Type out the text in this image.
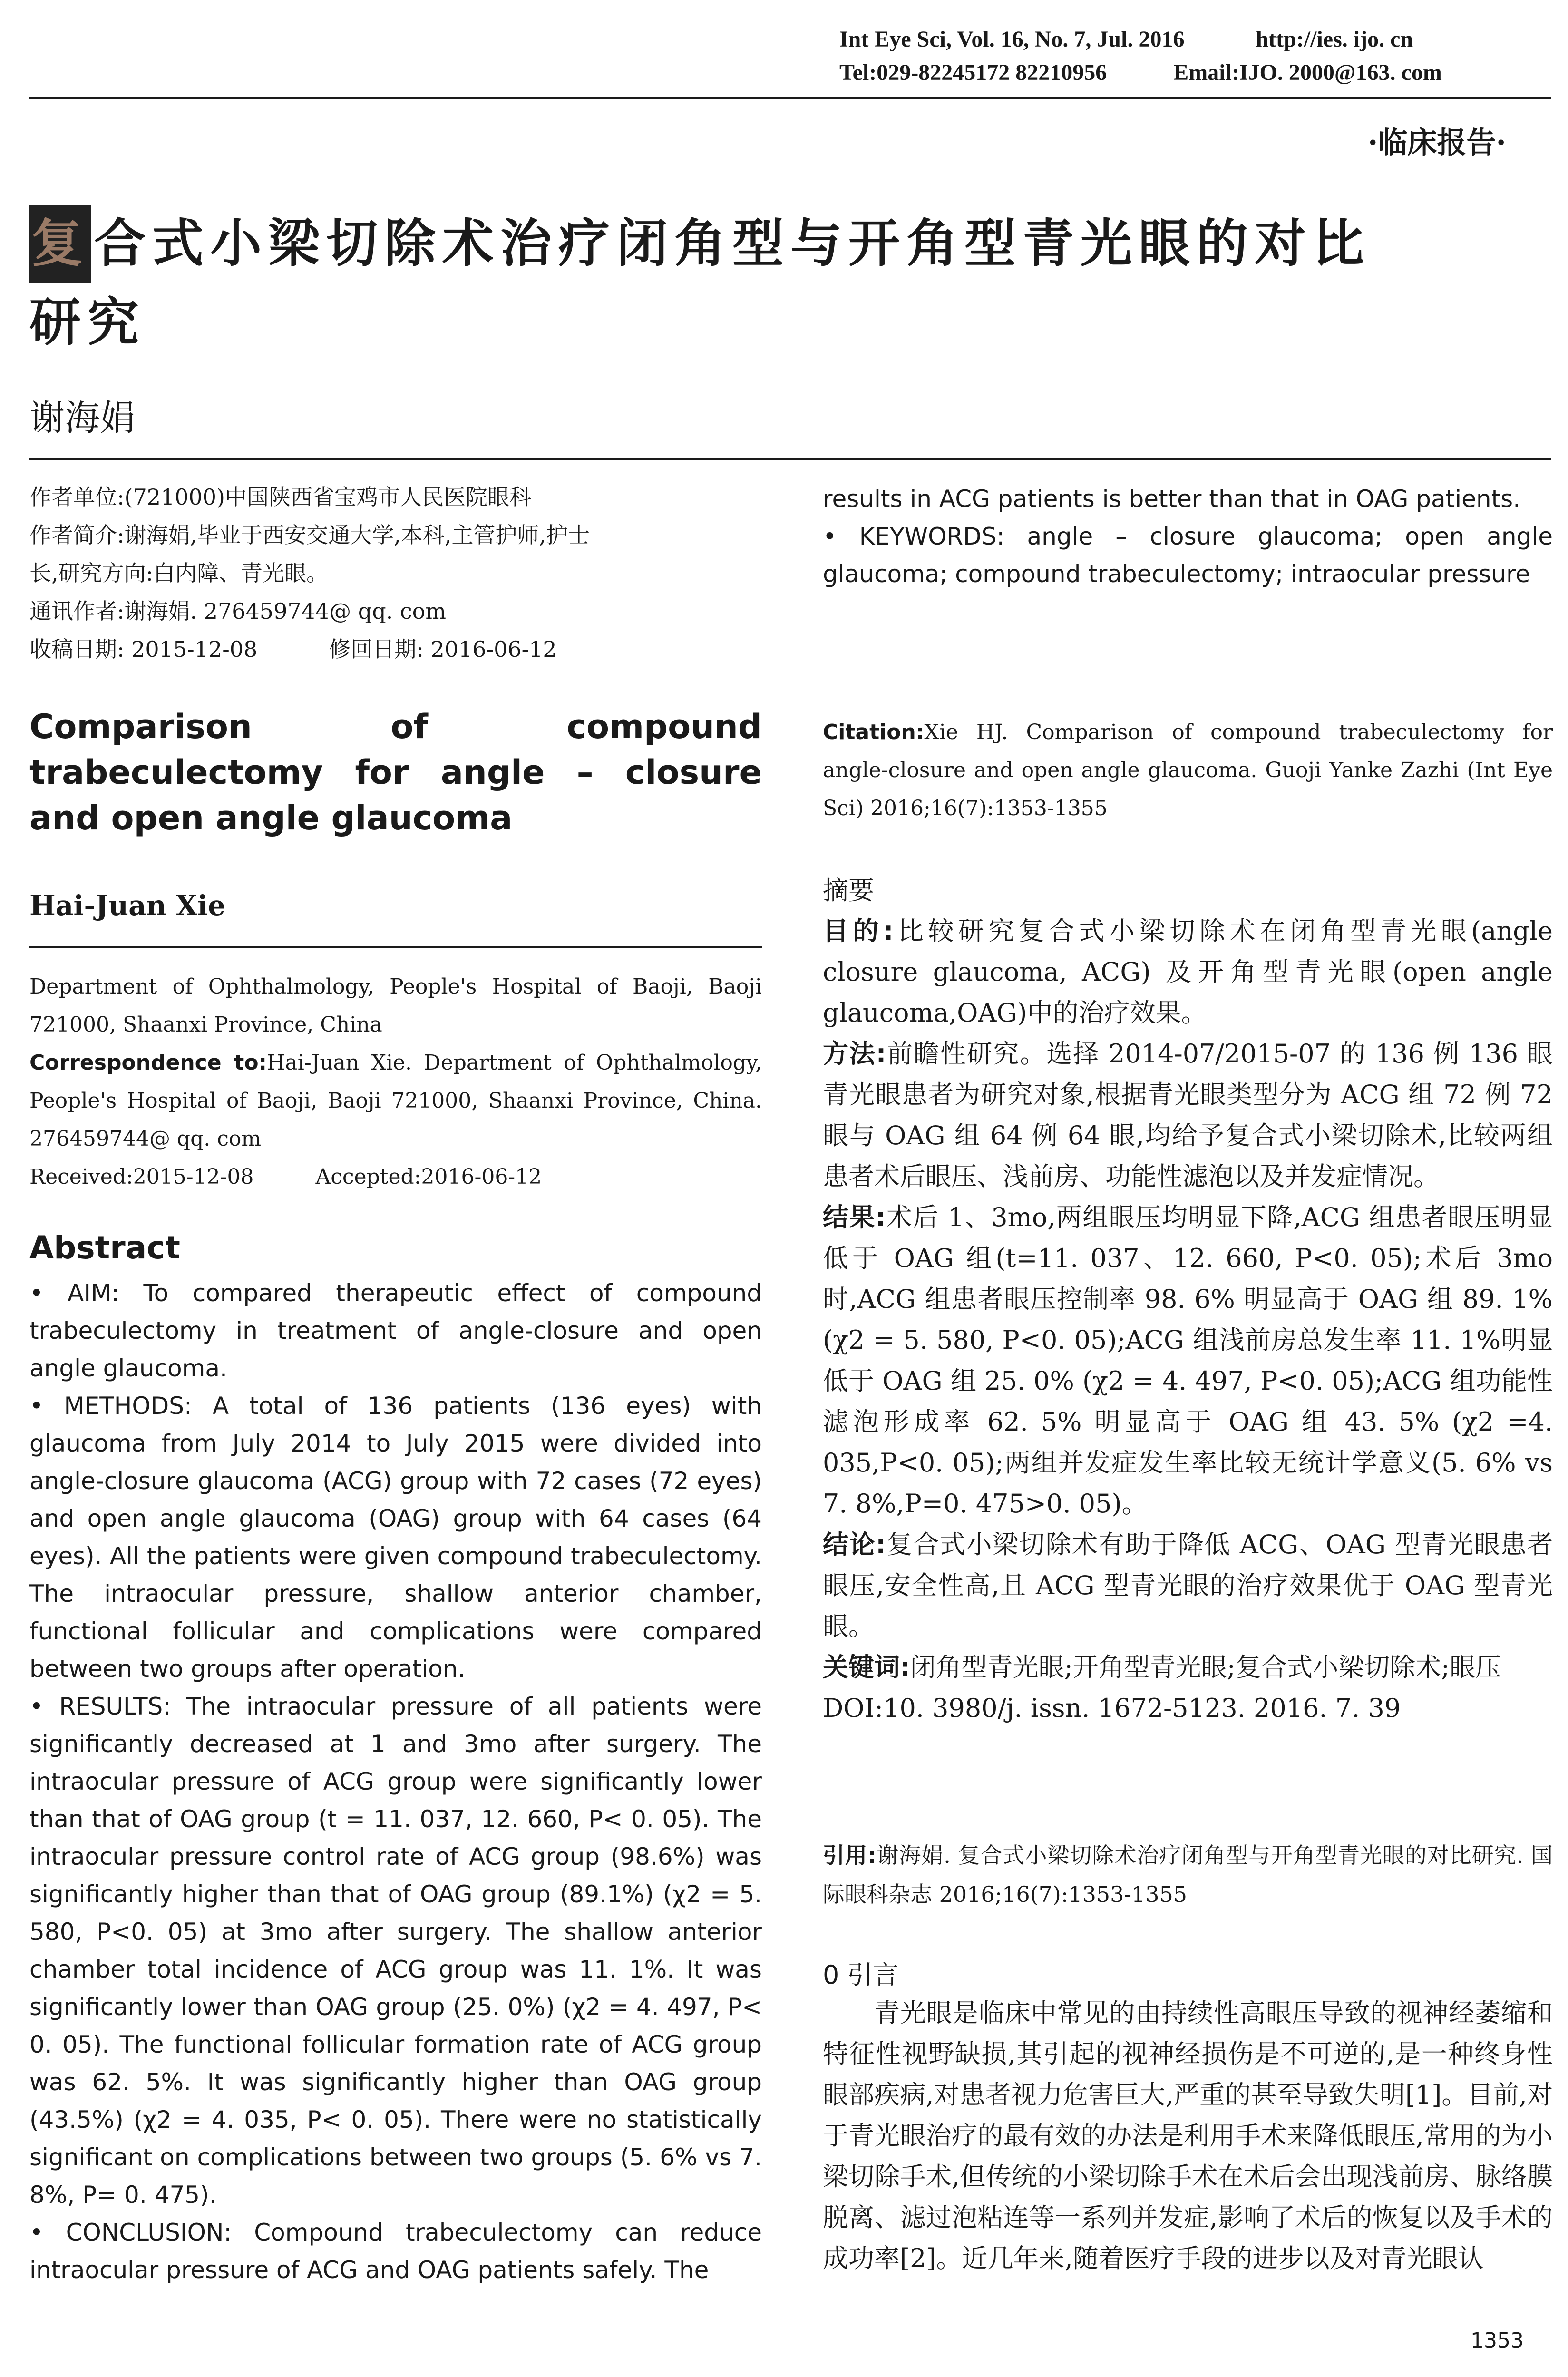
Int Eye Sci, Vol. 16, No. 7, Jul. 2016	http://ies. ijo. cn
Tel:029-82245172 82210956	Email:IJO. 2000@163. com
·临床报告·
复合式小梁切除术治疗闭角型与开角型青光眼的对比
研究
谢海娟

作者单位:(721000)中国陕西省宝鸡市人民医院眼科

作者简介:谢海娟,毕业于西安交通大学,本科,主管护师,护士

长,研究方向:白内障、青光眼。

通讯作者:谢海娟. 276459744@ qq. com

收稿日期: 2015-12-08	修回日期: 2016-06-12

Comparison of compound trabeculectomy for angle – closure and open angle glaucoma
Hai-Juan Xie
Department of Ophthalmology, People's Hospital of Baoji, Baoji 721000, Shaanxi Province, China
Correspondence to:Hai-Juan Xie. Department of Ophthalmology, People's Hospital of Baoji, Baoji 721000, Shaanxi Province, China. 276459744@ qq. com
Received:2015-12-08	Accepted:2016-06-12
Abstract

• AIM: To compared therapeutic effect of compound trabeculectomy in treatment of angle-closure and open angle glaucoma.

• METHODS: A total of 136 patients (136 eyes) with glaucoma from July 2014 to July 2015 were divided into angle-closure glaucoma (ACG) group with 72 cases (72 eyes) and open angle glaucoma (OAG) group with 64 cases (64 eyes). All the patients were given compound trabeculectomy. The intraocular pressure, shallow anterior chamber, functional follicular and complications were compared between two groups after operation.

• RESULTS: The intraocular pressure of all patients were significantly decreased at 1 and 3mo after surgery. The intraocular pressure of ACG group were significantly lower than that of OAG group (t = 11. 037, 12. 660, P< 0. 05). The intraocular pressure control rate of ACG group (98.6%) was significantly higher than that of OAG group (89.1%) (χ2 = 5. 580, P<0. 05) at 3mo after surgery. The shallow anterior chamber total incidence of ACG group was 11. 1%. It was significantly lower than OAG group (25. 0%) (χ2 = 4. 497, P< 0. 05). The functional follicular formation rate of ACG group was 62. 5%. It was significantly higher than OAG group (43.5%) (χ2 = 4. 035, P< 0. 05). There were no statistically significant on complications between two groups (5. 6% vs 7. 8%, P= 0. 475).

• CONCLUSION: Compound trabeculectomy can reduce intraocular pressure of ACG and OAG patients safely. The

results in ACG patients is better than that in OAG patients.

• KEYWORDS: angle – closure glaucoma; open angle glaucoma; compound trabeculectomy; intraocular pressure

Citation:Xie HJ. Comparison of compound trabeculectomy for angle-closure and open angle glaucoma. Guoji Yanke Zazhi (Int Eye Sci) 2016;16(7):1353-1355
摘要

目的:比较研究复合式小梁切除术在闭角型青光眼(angle closure glaucoma, ACG) 及开角型青光眼(open angle glaucoma,OAG)中的治疗效果。

方法:前瞻性研究。选择 2014-07/2015-07 的 136 例 136 眼青光眼患者为研究对象,根据青光眼类型分为 ACG 组 72 例 72 眼与 OAG 组 64 例 64 眼,均给予复合式小梁切除术,比较两组患者术后眼压、浅前房、功能性滤泡以及并发症情况。

结果:术后 1、3mo,两组眼压均明显下降,ACG 组患者眼压明显低于 OAG 组(t=11. 037、12. 660, P<0. 05);术后 3mo 时,ACG 组患者眼压控制率 98. 6% 明显高于 OAG 组 89. 1% (χ2 = 5. 580, P<0. 05);ACG 组浅前房总发生率 11. 1%明显低于 OAG 组 25. 0% (χ2 = 4. 497, P<0. 05);ACG 组功能性滤泡形成率 62. 5% 明显高于 OAG 组 43. 5% (χ2 =4. 035,P<0. 05);两组并发症发生率比较无统计学意义(5. 6% vs 7. 8%,P=0. 475>0. 05)。

结论:复合式小梁切除术有助于降低 ACG、OAG 型青光眼患者眼压,安全性高,且 ACG 型青光眼的治疗效果优于 OAG 型青光眼。

关键词:闭角型青光眼;开角型青光眼;复合式小梁切除术;眼压

DOI:10. 3980/j. issn. 1672-5123. 2016. 7. 39

引用:谢海娟. 复合式小梁切除术治疗闭角型与开角型青光眼的对比研究. 国际眼科杂志 2016;16(7):1353-1355
0 引言
青光眼是临床中常见的由持续性高眼压导致的视神经萎缩和特征性视野缺损,其引起的视神经损伤是不可逆的,是一种终身性眼部疾病,对患者视力危害巨大,严重的甚至导致失明[1]。目前,对于青光眼治疗的最有效的办法是利用手术来降低眼压,常用的为小梁切除手术,但传统的小梁切除手术在术后会出现浅前房、脉络膜脱离、滤过泡粘连等一系列并发症,影响了术后的恢复以及手术的成功率[2]。近几年来,随着医疗手段的进步以及对青光眼认
1353
